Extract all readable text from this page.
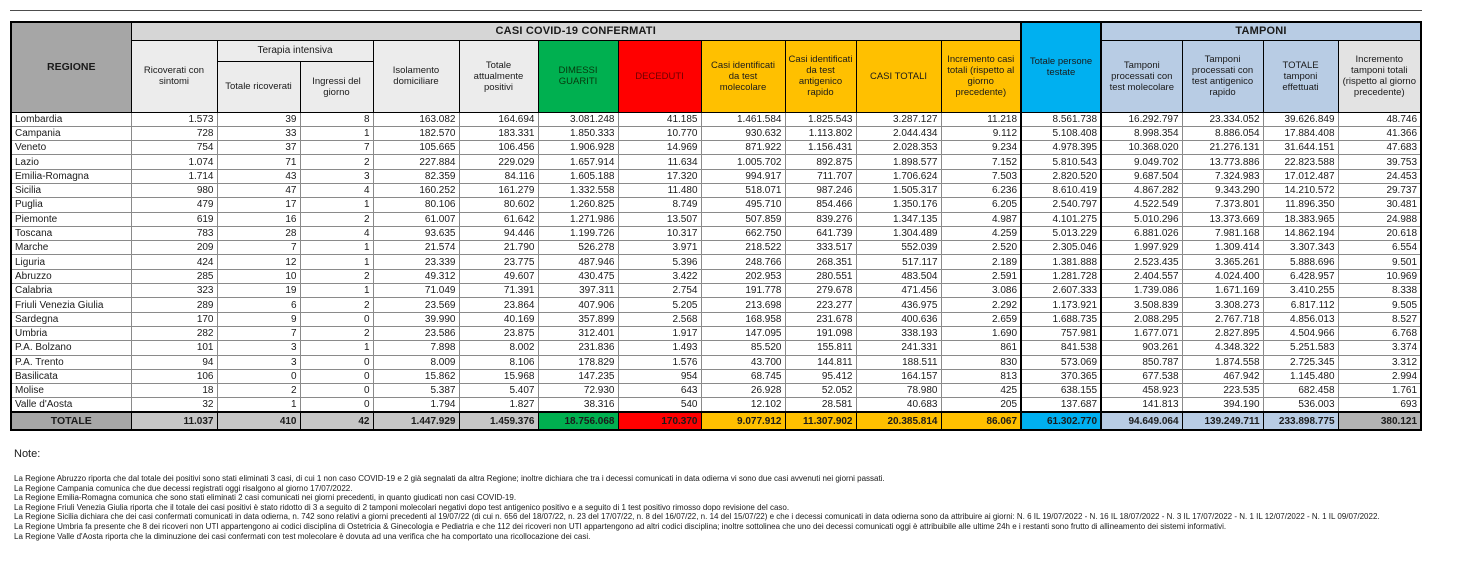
REGIONE	CASI COVID-19 CONFERMATI											Totale persone testate	TAMPONI			
	Ricoverati con sintomi	Terapia intensiva		Isolamento domiciliare	Totale attualmente positivi	DIMESSI GUARITI	DECEDUTI	Casi identificati da test molecolare	Casi identificati da test antigenico rapido	CASI TOTALI	Incremento casi totali (rispetto al giorno precedente)		Tamponi processati con test molecolare	Tamponi processati con test antigenico rapido	TOTALE tamponi effettuati	Incremento tamponi totali (rispetto al giorno precedente)
		Totale ricoverati	Ingressi del giorno													
Lombardia	1.573	39	8	163.082	164.694	3.081.248	41.185	1.461.584	1.825.543	3.287.127	11.218	8.561.738	16.292.797	23.334.052	39.626.849	48.746
Campania	728	33	1	182.570	183.331	1.850.333	10.770	930.632	1.113.802	2.044.434	9.112	5.108.408	8.998.354	8.886.054	17.884.408	41.366
Veneto	754	37	7	105.665	106.456	1.906.928	14.969	871.922	1.156.431	2.028.353	9.234	4.978.395	10.368.020	21.276.131	31.644.151	47.683
Lazio	1.074	71	2	227.884	229.029	1.657.914	11.634	1.005.702	892.875	1.898.577	7.152	5.810.543	9.049.702	13.773.886	22.823.588	39.753
Emilia-Romagna	1.714	43	3	82.359	84.116	1.605.188	17.320	994.917	711.707	1.706.624	7.503	2.820.520	9.687.504	7.324.983	17.012.487	24.453
Sicilia	980	47	4	160.252	161.279	1.332.558	11.480	518.071	987.246	1.505.317	6.236	8.610.419	4.867.282	9.343.290	14.210.572	29.737
Puglia	479	17	1	80.106	80.602	1.260.825	8.749	495.710	854.466	1.350.176	6.205	2.540.797	4.522.549	7.373.801	11.896.350	30.481
Piemonte	619	16	2	61.007	61.642	1.271.986	13.507	507.859	839.276	1.347.135	4.987	4.101.275	5.010.296	13.373.669	18.383.965	24.988
Toscana	783	28	4	93.635	94.446	1.199.726	10.317	662.750	641.739	1.304.489	4.259	5.013.229	6.881.026	7.981.168	14.862.194	20.618
Marche	209	7	1	21.574	21.790	526.278	3.971	218.522	333.517	552.039	2.520	2.305.046	1.997.929	1.309.414	3.307.343	6.554
Liguria	424	12	1	23.339	23.775	487.946	5.396	248.766	268.351	517.117	2.189	1.381.888	2.523.435	3.365.261	5.888.696	9.501
Abruzzo	285	10	2	49.312	49.607	430.475	3.422	202.953	280.551	483.504	2.591	1.281.728	2.404.557	4.024.400	6.428.957	10.969
Calabria	323	19	1	71.049	71.391	397.311	2.754	191.778	279.678	471.456	3.086	2.607.333	1.739.086	1.671.169	3.410.255	8.338
Friuli Venezia Giulia	289	6	2	23.569	23.864	407.906	5.205	213.698	223.277	436.975	2.292	1.173.921	3.508.839	3.308.273	6.817.112	9.505
Sardegna	170	9	0	39.990	40.169	357.899	2.568	168.958	231.678	400.636	2.659	1.688.735	2.088.295	2.767.718	4.856.013	8.527
Umbria	282	7	2	23.586	23.875	312.401	1.917	147.095	191.098	338.193	1.690	757.981	1.677.071	2.827.895	4.504.966	6.768
P.A. Bolzano	101	3	1	7.898	8.002	231.836	1.493	85.520	155.811	241.331	861	841.538	903.261	4.348.322	5.251.583	3.374
P.A. Trento	94	3	0	8.009	8.106	178.829	1.576	43.700	144.811	188.511	830	573.069	850.787	1.874.558	2.725.345	3.312
Basilicata	106	0	0	15.862	15.968	147.235	954	68.745	95.412	164.157	813	370.365	677.538	467.942	1.145.480	2.994
Molise	18	2	0	5.387	5.407	72.930	643	26.928	52.052	78.980	425	638.155	458.923	223.535	682.458	1.761
Valle d'Aosta	32	1	0	1.794	1.827	38.316	540	12.102	28.581	40.683	205	137.687	141.813	394.190	536.003	693
TOTALE	11.037	410	42	1.447.929	1.459.376	18.756.068	170.370	9.077.912	11.307.902	20.385.814	86.067	61.302.770	94.649.064	139.249.711	233.898.775	380.121

Note:

La Regione Abruzzo riporta che dal totale dei positivi sono stati eliminati 3 casi, di cui 1 non caso COVID-19 e 2 già segnalati da altra Regione; inoltre dichiara che tra i decessi comunicati in data odierna vi sono due casi avvenuti nei giorni passati.
La Regione Campania comunica che due decessi registrati oggi risalgono al giorno 17/07/2022.
La Regione Emilia-Romagna comunica che sono stati eliminati 2 casi comunicati nei giorni precedenti, in quanto giudicati non casi COVID-19.
La Regione Friuli Venezia Giulia riporta che il totale dei casi positivi è stato ridotto di 3 a seguito di 2 tamponi molecolari negativi dopo test antigenico positivo e a seguito di 1 test positivo rimosso dopo revisione del caso.
La Regione Sicilia dichiara che dei casi confermati comunicati in data odierna, n. 742 sono relativi a giorni precedenti al 19/07/22 (di cui n. 656 del 18/07/22, n. 23 del 17/07/22, n. 8 del 16/07/22, n. 14 del 15/07/22) e che i decessi comunicati in data odierna sono da attribuire ai giorni: N. 6 IL 19/07/2022 - N. 16 IL 18/07/2022 - N. 3 IL 17/07/2022 - N. 1 IL 12/07/2022 - N. 1 IL 09/07/2022.
La Regione Umbria fa presente che 8 dei ricoveri non UTI appartengono ai codici disciplina di Ostetricia & Ginecologia e Pediatria e che 112 dei ricoveri non UTI appartengono ad altri codici disciplina; inoltre sottolinea che uno dei decessi comunicati oggi è attribuibile alle ultime 24h e i restanti sono frutto di allineamento dei sistemi informativi.
La Regione Valle d'Aosta riporta che la diminuzione dei casi confermati con test molecolare è dovuta ad una verifica che ha comportato una ricollocazione dei casi.
